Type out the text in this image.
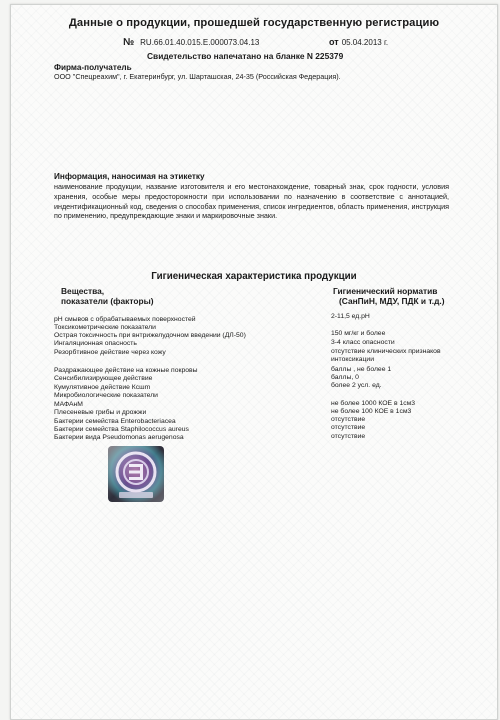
Данные о продукции, прошедшей государственную регистрацию
№ RU.66.01.40.015.E.000073.04.13	от 05.04.2013 г.
Свидетельство напечатано на бланке N 225379
Фирма-получатель
ООО "Спецреахим", г. Екатеринбург, ул. Шарташская, 24-35 (Российская Федерация).
Информация, наносимая на этикетку
наименование продукции, название изготовителя и его местонахождение, товарный знак, срок годности, условия хранения, особые меры предосторожности при использовании по назначению в соответствие с аннотацией, индентификационный код, сведения о способах применения, список ингредиентов, область применения, инструкция по применению, предупреждающие знаки и маркировочные знаки.
Гигиеническая характеристика продукции
Вещества,
показатели (факторы)
Гигиенический норматив
(СанПиН, МДУ, ПДК и т.д.)
рН смывов с обрабатываемых поверхностей	2-11,5 ед.рН
Токсикометрические показатели
Острая токсичность при внтрижелудочном введении (ДЛ-50)	150 мг/кг и более
Ингаляционная опасность	3-4 класс опасности
Резорбтивное действие через кожу	отсутствие клинических признаков
интоксикации
Раздражающее действие на кожные покровы	баллы , не более 1
Сенсибилизирующее действие	баллы, 0
Кумулятивное действие Ксшm	более 2 усл. ед.
Микробиологические показатели
МАФАнМ	не более 1000 КОЕ в 1см3
Плесеневые грибы и дрожжи	не более 100 КОЕ в 1см3
Бактерии семейства Enterobacteriacea	отсутствие
Бактерии семейства Staphilococcus aureus	отсутствие
Бактерии вида Pseudomonas aerugenosa	отсутствие
